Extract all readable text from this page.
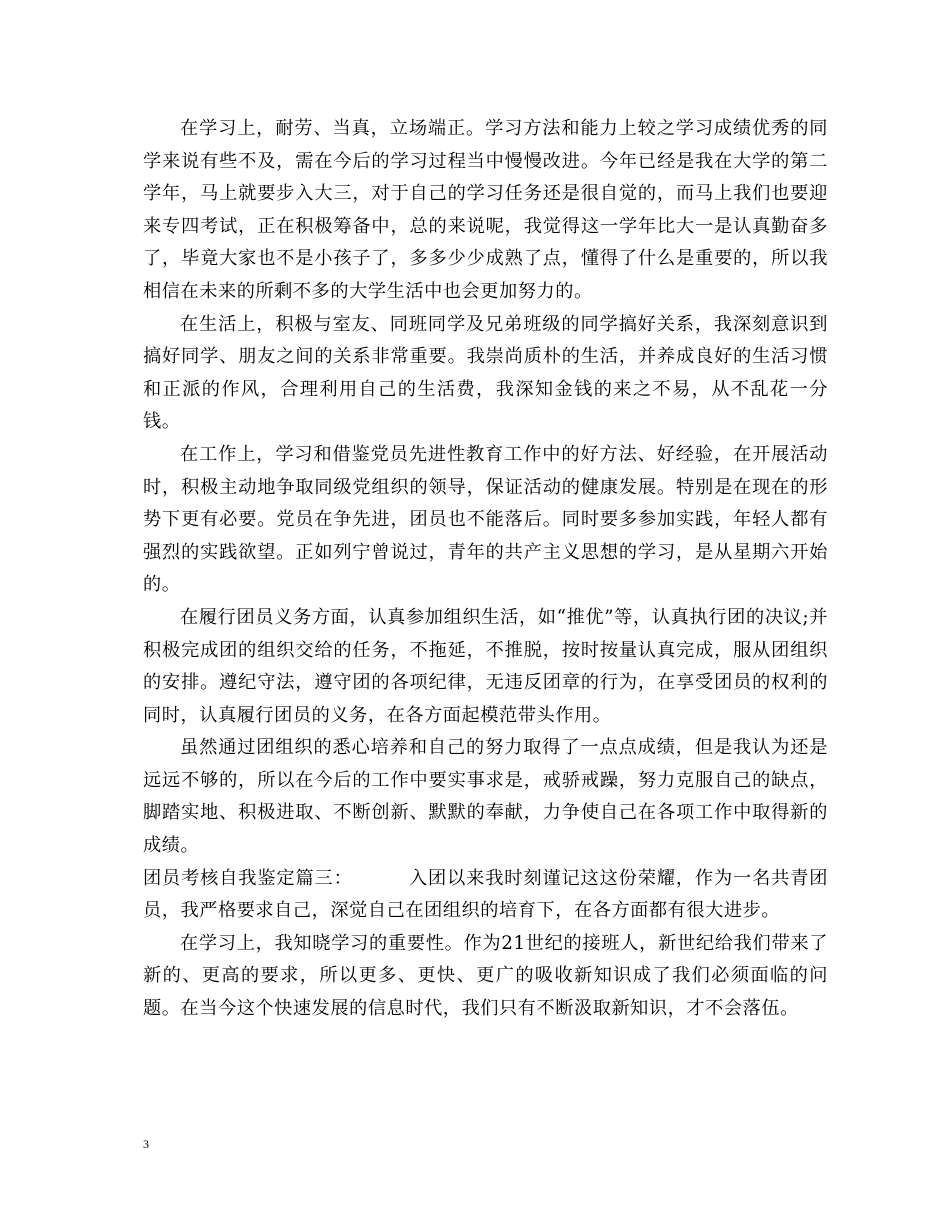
在学习上，耐劳、当真，立场端正。学习方法和能力上较之学习成绩优秀的同学来说有些不及，需在今后的学习过程当中慢慢改进。今年已经是我在大学的第二学年，马上就要步入大三，对于自己的学习任务还是很自觉的，而马上我们也要迎来专四考试，正在积极筹备中，总的来说呢，我觉得这一学年比大一是认真勤奋多了，毕竟大家也不是小孩子了，多多少少成熟了点，懂得了什么是重要的，所以我相信在未来的所剩不多的大学生活中也会更加努力的。

在生活上，积极与室友、同班同学及兄弟班级的同学搞好关系，我深刻意识到搞好同学、朋友之间的关系非常重要。我崇尚质朴的生活，并养成良好的生活习惯和正派的作风，合理利用自己的生活费，我深知金钱的来之不易，从不乱花一分钱。

在工作上，学习和借鉴党员先进性教育工作中的好方法、好经验，在开展活动时，积极主动地争取同级党组织的领导，保证活动的健康发展。特别是在现在的形势下更有必要。党员在争先进，团员也不能落后。同时要多参加实践，年轻人都有强烈的实践欲望。正如列宁曾说过，青年的共产主义思想的学习，是从星期六开始的。

在履行团员义务方面，认真参加组织生活，如“推优”等，认真执行团的决议;并积极完成团的组织交给的任务，不拖延，不推脱，按时按量认真完成，服从团组织的安排。遵纪守法，遵守团的各项纪律，无违反团章的行为，在享受团员的权利的同时，认真履行团员的义务，在各方面起模范带头作用。

虽然通过团组织的悉心培养和自己的努力取得了一点点成绩，但是我认为还是远远不够的，所以在今后的工作中要实事求是，戒骄戒躁，努力克服自己的缺点，脚踏实地、积极进取、不断创新、默默的奉献，力争使自己在各项工作中取得新的成绩。

团员考核自我鉴定篇三：	入团以来我时刻谨记这这份荣耀，作为一名共青团员，我严格要求自己，深觉自己在团组织的培育下，在各方面都有很大进步。

在学习上，我知晓学习的重要性。作为21世纪的接班人，新世纪给我们带来了新的、更高的要求，所以更多、更快、更广的吸收新知识成了我们必须面临的问题。在当今这个快速发展的信息时代，我们只有不断汲取新知识，才不会落伍。

3
